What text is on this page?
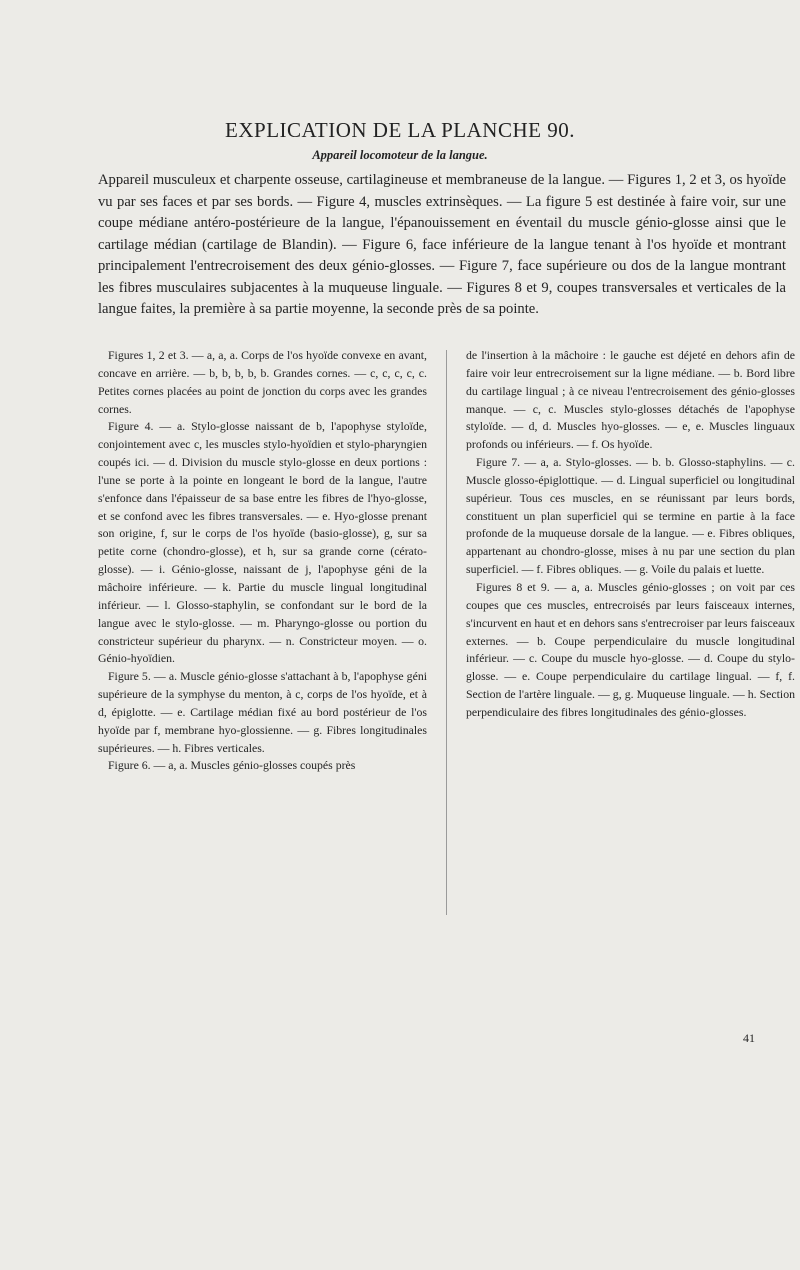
EXPLICATION DE LA PLANCHE 90.
Appareil locomoteur de la langue.

Appareil musculeux et charpente osseuse, cartilagineuse et membraneuse de la langue. — Figures 1, 2 et 3, os hyoïde vu par ses faces et par ses bords. — Figure 4, muscles extrinsèques. — La figure 5 est destinée à faire voir, sur une coupe médiane antéro-postérieure de la langue, l'épanouissement en éventail du muscle génio-glosse ainsi que le cartilage médian (cartilage de Blandin). — Figure 6, face inférieure de la langue tenant à l'os hyoïde et montrant principalement l'entrecroisement des deux génio-glosses. — Figure 7, face supérieure ou dos de la langue montrant les fibres musculaires subjacentes à la muqueuse linguale. — Figures 8 et 9, coupes transversales et verticales de la langue faites, la première à sa partie moyenne, la seconde près de sa pointe.

Figures 1, 2 et 3. — a, a, a. Corps de l'os hyoïde convexe en avant, concave en arrière. — b, b, b, b, b. Grandes cornes. — c, c, c, c, c. Petites cornes placées au point de jonction du corps avec les grandes cornes.

Figure 4. — a. Stylo-glosse naissant de b, l'apophyse styloïde, conjointement avec c, les muscles stylo-hyoïdien et stylo-pharyngien coupés ici. — d. Division du muscle stylo-glosse en deux portions : l'une se porte à la pointe en longeant le bord de la langue, l'autre s'enfonce dans l'épaisseur de sa base entre les fibres de l'hyo-glosse, et se confond avec les fibres transversales. — e. Hyo-glosse prenant son origine, f, sur le corps de l'os hyoïde (basio-glosse), g, sur sa petite corne (chondro-glosse), et h, sur sa grande corne (cérato-glosse). — i. Génio-glosse, naissant de j, l'apophyse géni de la mâchoire inférieure. — k. Partie du muscle lingual longitudinal inférieur. — l. Glosso-staphylin, se confondant sur le bord de la langue avec le stylo-glosse. — m. Pharyngo-glosse ou portion du constricteur supérieur du pharynx. — n. Constricteur moyen. — o. Génio-hyoïdien.

Figure 5. — a. Muscle génio-glosse s'attachant à b, l'apophyse géni supérieure de la symphyse du menton, à c, corps de l'os hyoïde, et à d, épiglotte. — e. Cartilage médian fixé au bord postérieur de l'os hyoïde par f, membrane hyo-glossienne. — g. Fibres longitudinales supérieures. — h. Fibres verticales.

Figure 6. — a, a. Muscles génio-glosses coupés près

de l'insertion à la mâchoire : le gauche est déjeté en dehors afin de faire voir leur entrecroisement sur la ligne médiane. — b. Bord libre du cartilage lingual ; à ce niveau l'entrecroisement des génio-glosses manque. — c, c. Muscles stylo-glosses détachés de l'apophyse styloïde. — d, d. Muscles hyo-glosses. — e, e. Muscles linguaux profonds ou inférieurs. — f. Os hyoïde.

Figure 7. — a, a. Stylo-glosses. — b. b. Glosso-staphylins. — c. Muscle glosso-épiglottique. — d. Lingual superficiel ou longitudinal supérieur. Tous ces muscles, en se réunissant par leurs bords, constituent un plan superficiel qui se termine en partie à la face profonde de la muqueuse dorsale de la langue. — e. Fibres obliques, appartenant au chondro-glosse, mises à nu par une section du plan superficiel. — f. Fibres obliques. — g. Voile du palais et luette.

Figures 8 et 9. — a, a. Muscles génio-glosses ; on voit par ces coupes que ces muscles, entrecroisés par leurs faisceaux internes, s'incurvent en haut et en dehors sans s'entrecroiser par leurs faisceaux externes. — b. Coupe perpendiculaire du muscle longitudinal inférieur. — c. Coupe du muscle hyo-glosse. — d. Coupe du stylo-glosse. — e. Coupe perpendiculaire du cartilage lingual. — f, f. Section de l'artère linguale. — g, g. Muqueuse linguale. — h. Section perpendiculaire des fibres longitudinales des génio-glosses.

41
